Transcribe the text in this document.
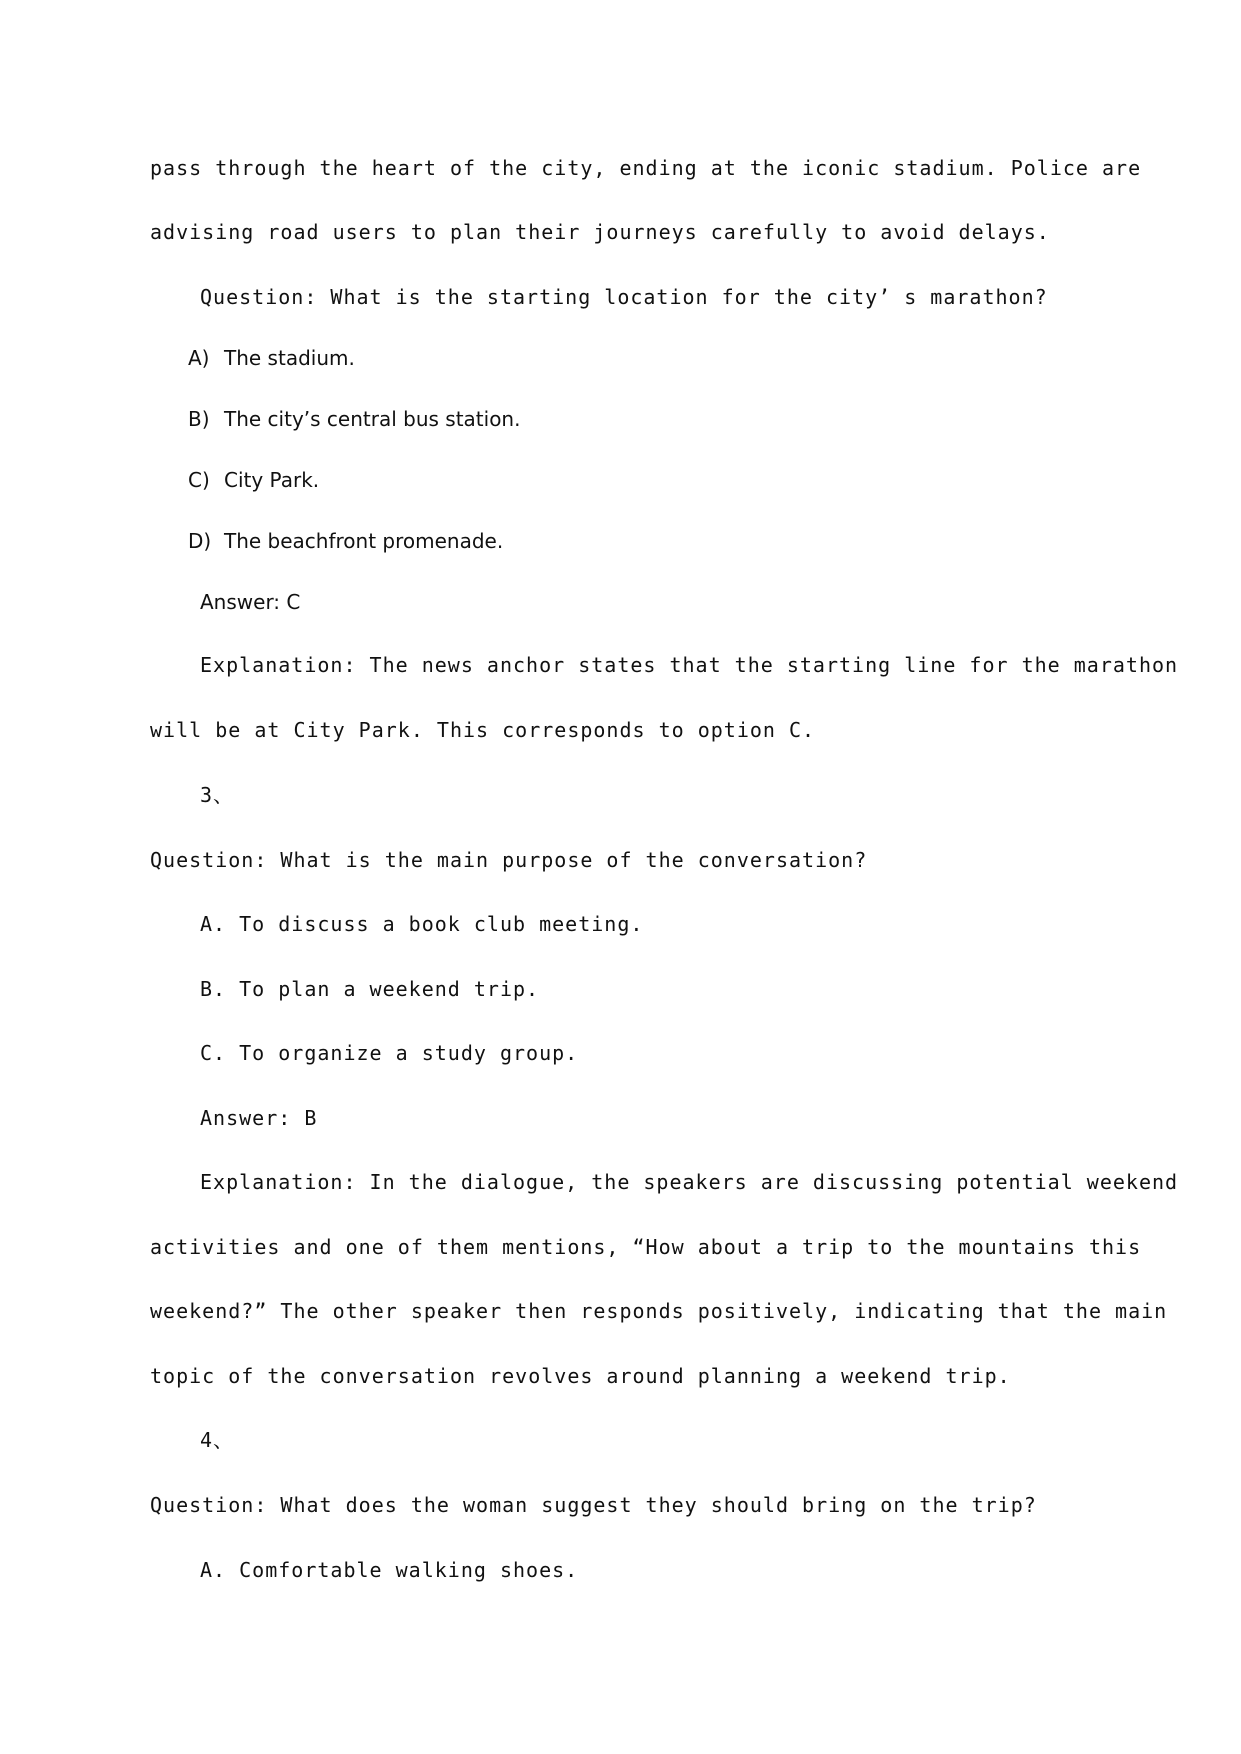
pass through the heart of the city, ending at the iconic stadium. Police are
advising road users to plan their journeys carefully to avoid delays.
Question: What is the starting location for the city’ s marathon?
A) The stadium.
B) The city’s central bus station.
C) City Park.
D) The beachfront promenade.
Answer: C
Explanation: The news anchor states that the starting line for the marathon
will be at City Park. This corresponds to option C.
3、
Question: What is the main purpose of the conversation?
A. To discuss a book club meeting.
B. To plan a weekend trip.
C. To organize a study group.
Answer: B
Explanation: In the dialogue, the speakers are discussing potential weekend
activities and one of them mentions, “How about a trip to the mountains this
weekend?” The other speaker then responds positively, indicating that the main
topic of the conversation revolves around planning a weekend trip.
4、
Question: What does the woman suggest they should bring on the trip?
A. Comfortable walking shoes.
